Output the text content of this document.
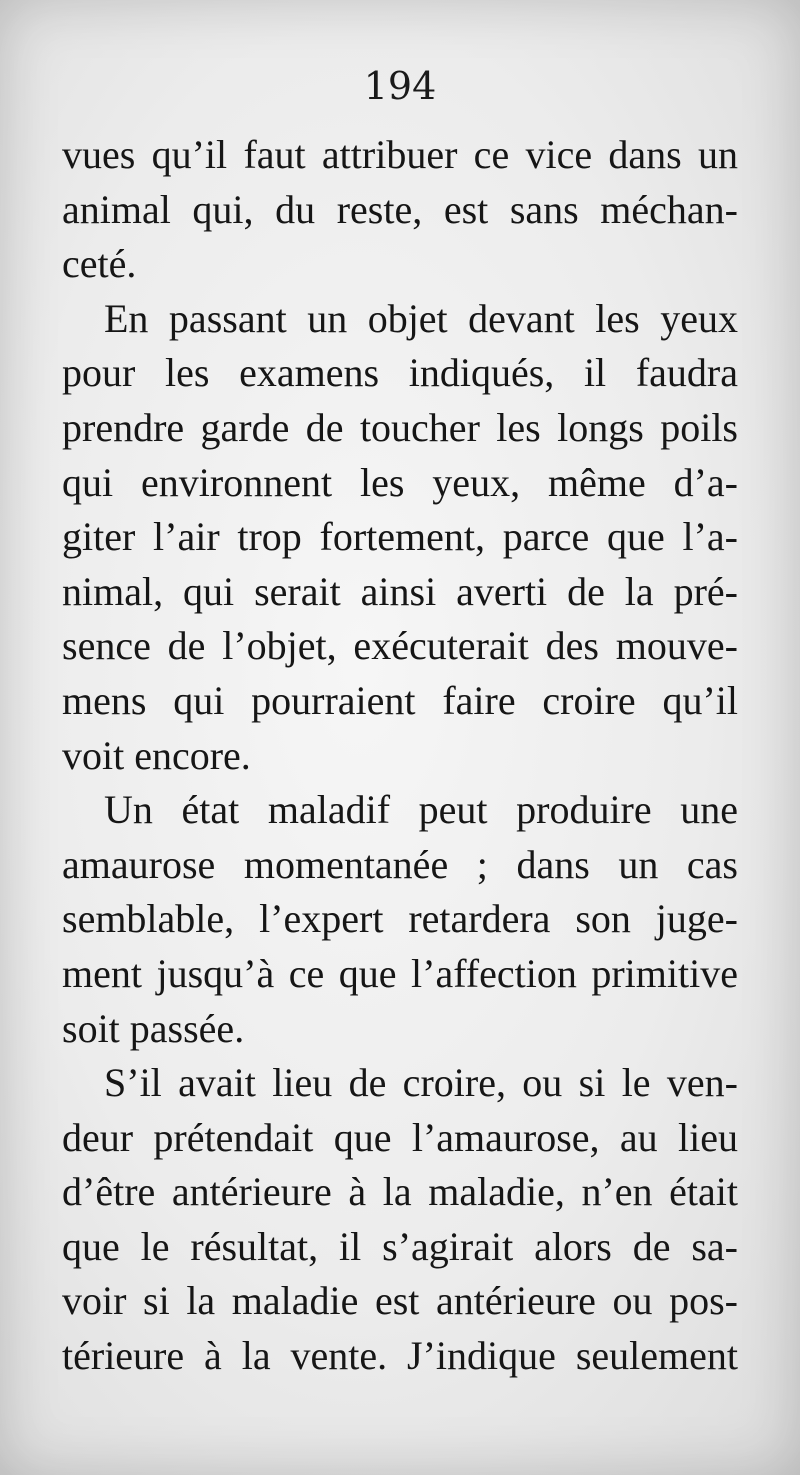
194
vues qu’il faut attribuer ce vice dans un
animal qui, du reste, est sans méchan-
ceté.
En passant un objet devant les yeux
pour les examens indiqués, il faudra
prendre garde de toucher les longs poils
qui environnent les yeux, même d’a-
giter l’air trop fortement, parce que l’a-
nimal, qui serait ainsi averti de la pré-
sence de l’objet, exécuterait des mouve-
mens qui pourraient faire croire qu’il
voit encore.
Un état maladif peut produire une
amaurose momentanée ; dans un cas
semblable, l’expert retardera son juge-
ment jusqu’à ce que l’affection primitive
soit passée.
S’il avait lieu de croire, ou si le ven-
deur prétendait que l’amaurose, au lieu
d’être antérieure à la maladie, n’en était
que le résultat, il s’agirait alors de sa-
voir si la maladie est antérieure ou pos-
térieure à la vente. J’indique seulement
